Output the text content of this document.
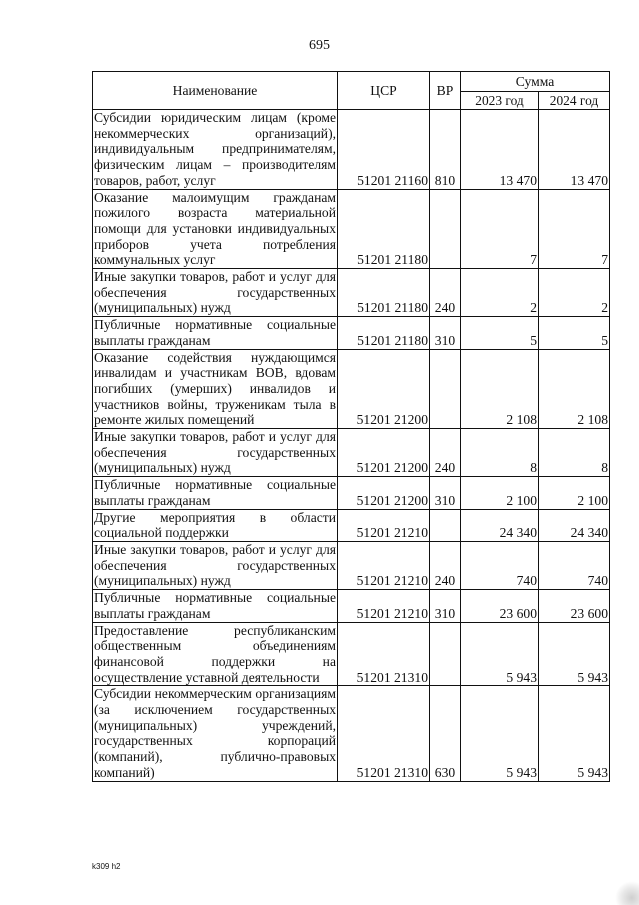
695
Наименование	ЦСР	ВР	Сумма	
			2023 год	2024 год
Субсидии юридическим лицам (кроме некоммерческих организаций), индивидуальным предпринимателям, физическим лицам – производителям товаров, работ, услуг	51201 21160	810	13 470	13 470
Оказание малоимущим гражданам пожилого возраста материальной помощи для установки индивидуальных приборов учета потребления коммунальных услуг	51201 21180		7	7
Иные закупки товаров, работ и услуг для обеспечения государственных (муниципальных) нужд	51201 21180	240	2	2
Публичные нормативные социальные выплаты гражданам	51201 21180	310	5	5
Оказание содействия нуждающимся инвалидам и участникам ВОВ, вдовам погибших (умерших) инвалидов и участников войны, труженикам тыла в ремонте жилых помещений	51201 21200		2 108	2 108
Иные закупки товаров, работ и услуг для обеспечения государственных (муниципальных) нужд	51201 21200	240	8	8
Публичные нормативные социальные выплаты гражданам	51201 21200	310	2 100	2 100
Другие мероприятия в области социальной поддержки	51201 21210		24 340	24 340
Иные закупки товаров, работ и услуг для обеспечения государственных (муниципальных) нужд	51201 21210	240	740	740
Публичные нормативные социальные выплаты гражданам	51201 21210	310	23 600	23 600
Предоставление республиканским общественным объединениям финансовой поддержки на осуществление уставной деятельности	51201 21310		5 943	5 943
Субсидии некоммерческим организациям (за исключением государственных (муниципальных) учреждений, государственных корпораций (компаний), публично-правовых компаний)	51201 21310	630	5 943	5 943
k309 h2
